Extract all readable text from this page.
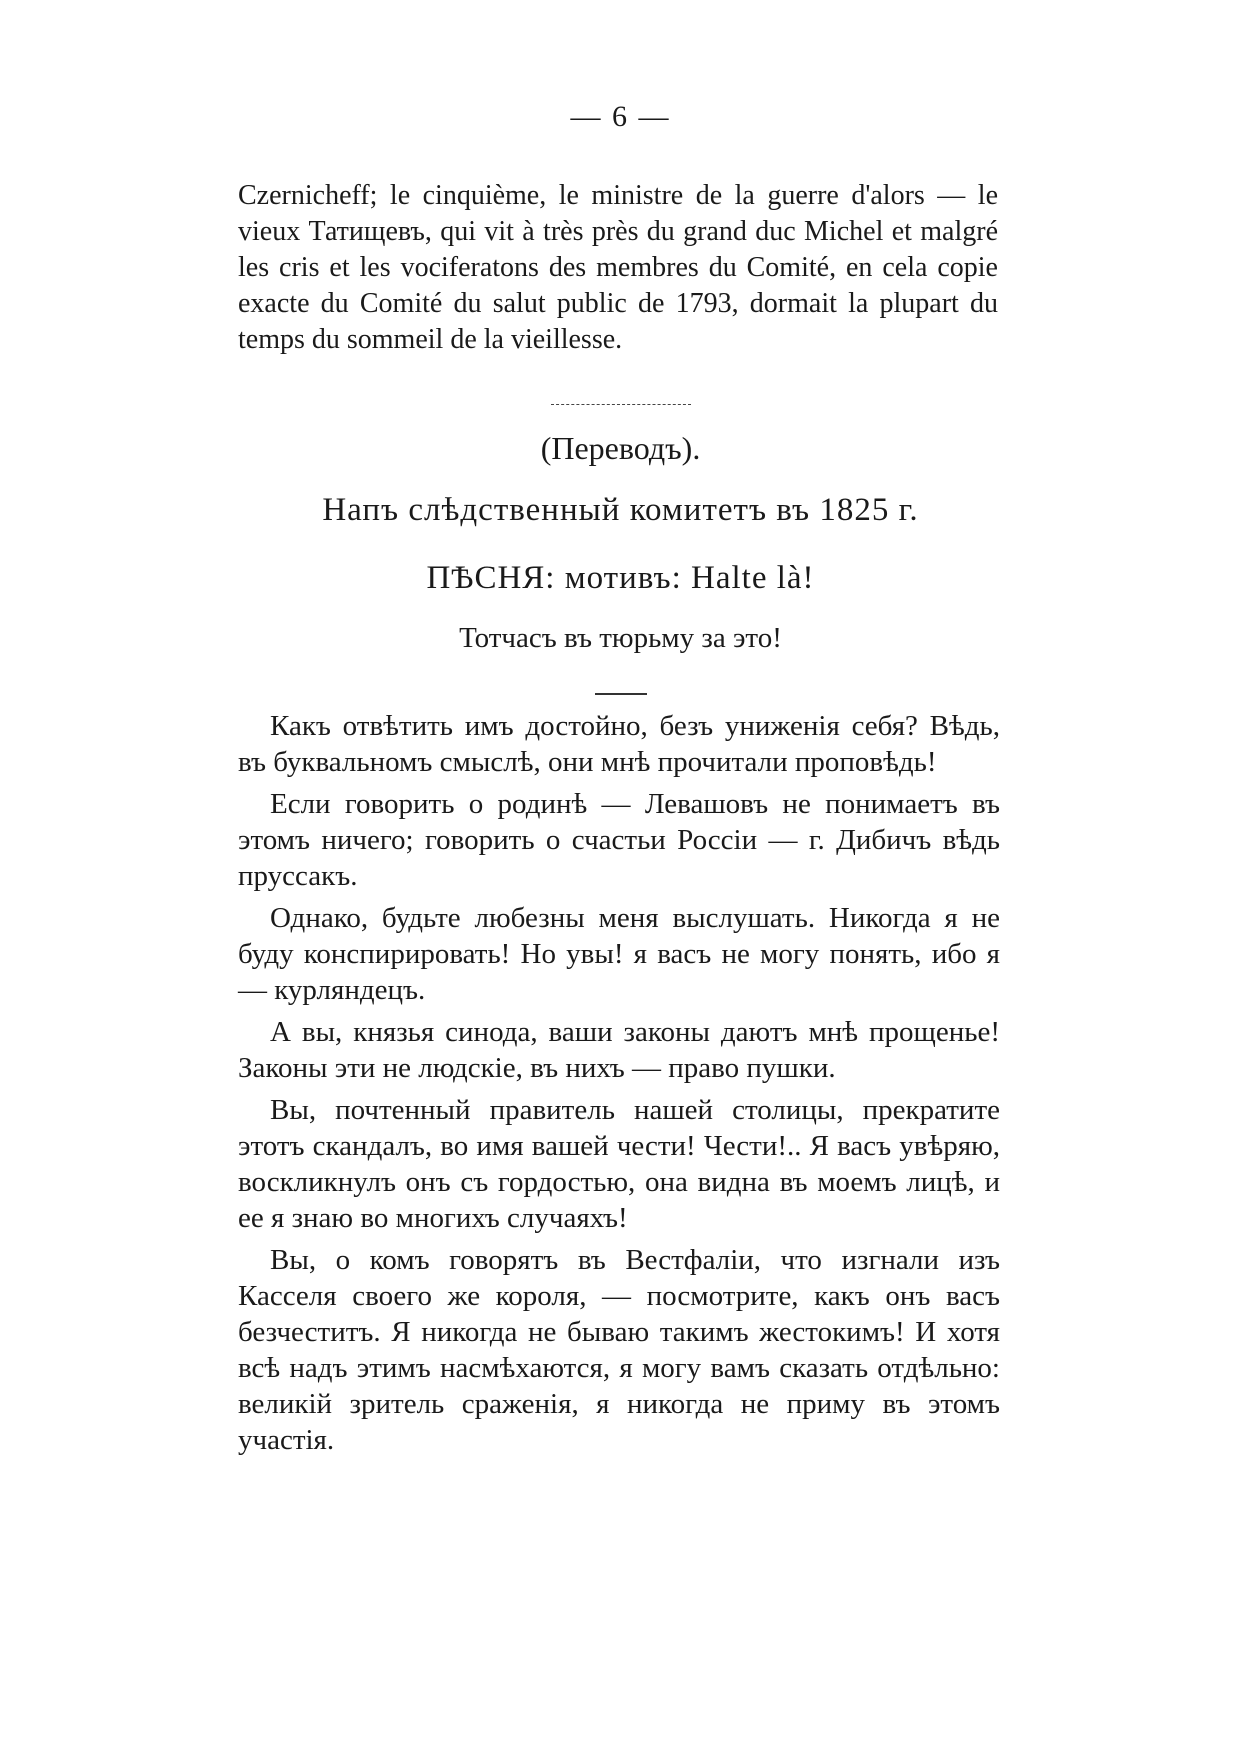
— 6 —
Czernicheff; le cinquième, le ministre de la guerre d'alors — le vieux Татищевъ, qui vit à très près du grand duc Michel et malgré les cris et les vociferatons des membres du Comité, en cela copie exacte du Comité du salut public de 1793, dormait la plupart du temps du sommeil de la vieillesse.
(Переводъ).
Напъ слѣдственный комитетъ въ 1825 г.
ПѢСНЯ: мотивъ: Halte là!
Тотчасъ въ тюрьму за это!

Какъ отвѣтить имъ достойно, безъ униженія себя? Вѣдь, въ буквальномъ смыслѣ, они мнѣ прочитали проповѣдь!

Если говорить о родинѣ — Левашовъ не понимаетъ въ этомъ ничего; говорить о счастьи Россіи — г. Дибичъ вѣдь пруссакъ.

Однако, будьте любезны меня выслушать. Никогда я не буду конспирировать! Но увы! я васъ не могу понять, ибо я — курляндецъ.

А вы, князья синода, ваши законы даютъ мнѣ прощенье! Законы эти не людскіе, въ нихъ — право пушки.

Вы, почтенный правитель нашей столицы, прекратите этотъ скандалъ, во имя вашей чести! Чести!.. Я васъ увѣряю, воскликнулъ онъ съ гордостью, она видна въ моемъ лицѣ, и ее я знаю во многихъ случаяхъ!

Вы, о комъ говорятъ въ Вестфаліи, что изгнали изъ Касселя своего же короля, — посмотрите, какъ онъ васъ безчеститъ. Я никогда не бываю такимъ жестокимъ! И хотя всѣ надъ этимъ насмѣхаются, я могу вамъ сказать отдѣльно: великій зритель сраженія, я никогда не приму въ этомъ участія.
